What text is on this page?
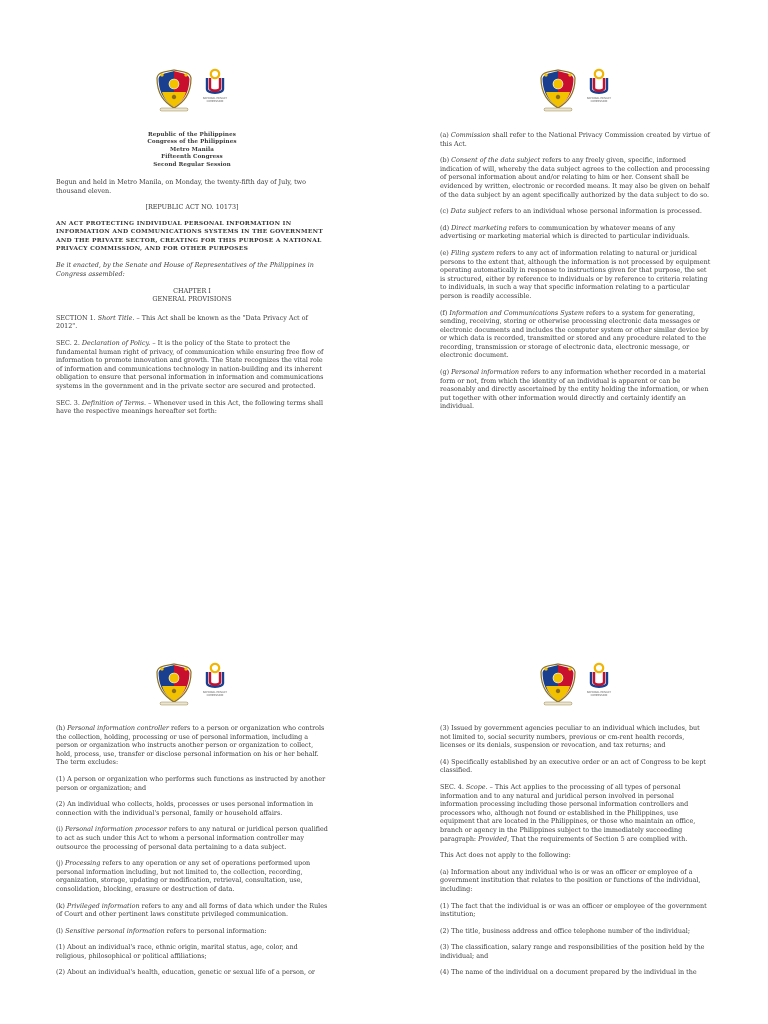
NATIONAL PRIVACY COMMISSION
Republic of the Philippines
Congress of the Philippines
Metro Manila
Fifteenth Congress
Second Regular Session

Begun and held in Metro Manila, on Monday, the twenty-fifth day of July, two thousand eleven.

[REPUBLIC ACT NO. 10173]

AN ACT PROTECTING INDIVIDUAL PERSONAL INFORMATION IN INFORMATION AND COMMUNICATIONS SYSTEMS IN THE GOVERNMENT AND THE PRIVATE SECTOR, CREATING FOR THIS PURPOSE A NATIONAL PRIVACY COMMISSION, AND FOR OTHER PURPOSES

Be it enacted, by the Senate and House of Representatives of the Philippines in Congress assembled:

CHAPTER I
GENERAL PROVISIONS

SECTION 1. Short Title. – This Act shall be known as the "Data Privacy Act of 2012".

SEC. 2. Declaration of Policy. – It is the policy of the State to protect the fundamental human right of privacy, of communication while ensuring free flow of information to promote innovation and growth. The State recognizes the vital role of information and communications technology in nation-building and its inherent obligation to ensure that personal information in information and communications systems in the government and in the private sector are secured and protected.

SEC. 3. Definition of Terms. – Whenever used in this Act, the following terms shall have the respective meanings hereafter set forth:

NATIONAL PRIVACY COMMISSION

(a) Commission shall refer to the National Privacy Commission created by virtue of this Act.

(b) Consent of the data subject refers to any freely given, specific, informed indication of will, whereby the data subject agrees to the collection and processing of personal information about and/or relating to him or her. Consent shall be evidenced by written, electronic or recorded means. It may also be given on behalf of the data subject by an agent specifically authorized by the data subject to do so.

(c) Data subject refers to an individual whose personal information is processed.

(d) Direct marketing refers to communication by whatever means of any advertising or marketing material which is directed to particular individuals.

(e) Filing system refers to any act of information relating to natural or juridical persons to the extent that, although the information is not processed by equipment operating automatically in response to instructions given for that purpose, the set is structured, either by reference to individuals or by reference to criteria relating to individuals, in such a way that specific information relating to a particular person is readily accessible.

(f) Information and Communications System refers to a system for generating, sending, receiving, storing or otherwise processing electronic data messages or electronic documents and includes the computer system or other similar device by or which data is recorded, transmitted or stored and any procedure related to the recording, transmission or storage of electronic data, electronic message, or electronic document.

(g) Personal information refers to any information whether recorded in a material form or not, from which the identity of an individual is apparent or can be reasonably and directly ascertained by the entity holding the information, or when put together with other information would directly and certainly identify an individual.

NATIONAL PRIVACY COMMISSION

(h) Personal information controller refers to a person or organization who controls the collection, holding, processing or use of personal information, including a person or organization who instructs another person or organization to collect, hold, process, use, transfer or disclose personal information on his or her behalf. The term excludes:

(1) A person or organization who performs such functions as instructed by another person or organization; and

(2) An individual who collects, holds, processes or uses personal information in connection with the individual's personal, family or household affairs.

(i) Personal information processor refers to any natural or juridical person qualified to act as such under this Act to whom a personal information controller may outsource the processing of personal data pertaining to a data subject.

(j) Processing refers to any operation or any set of operations performed upon personal information including, but not limited to, the collection, recording, organization, storage, updating or modification, retrieval, consultation, use, consolidation, blocking, erasure or destruction of data.

(k) Privileged information refers to any and all forms of data which under the Rules of Court and other pertinent laws constitute privileged communication.

(l) Sensitive personal information refers to personal information:

(1) About an individual's race, ethnic origin, marital status, age, color, and religious, philosophical or political affiliations;

(2) About an individual's health, education, genetic or sexual life of a person, or

NATIONAL PRIVACY COMMISSION

(3) Issued by government agencies peculiar to an individual which includes, but not limited to, social security numbers, previous or cm-rent health records, licenses or its denials, suspension or revocation, and tax returns; and

(4) Specifically established by an executive order or an act of Congress to be kept classified.

SEC. 4. Scope. – This Act applies to the processing of all types of personal information and to any natural and juridical person involved in personal information processing including those personal information controllers and processors who, although not found or established in the Philippines, use equipment that are located in the Philippines, or those who maintain an office, branch or agency in the Philippines subject to the immediately succeeding paragraph: Provided, That the requirements of Section 5 are complied with.

This Act does not apply to the following:

(a) Information about any individual who is or was an officer or employee of a government institution that relates to the position or functions of the individual, including:

(1) The fact that the individual is or was an officer or employee of the government institution;

(2) The title, business address and office telephone number of the individual;

(3) The classification, salary range and responsibilities of the position held by the individual; and

(4) The name of the individual on a document prepared by the individual in the
